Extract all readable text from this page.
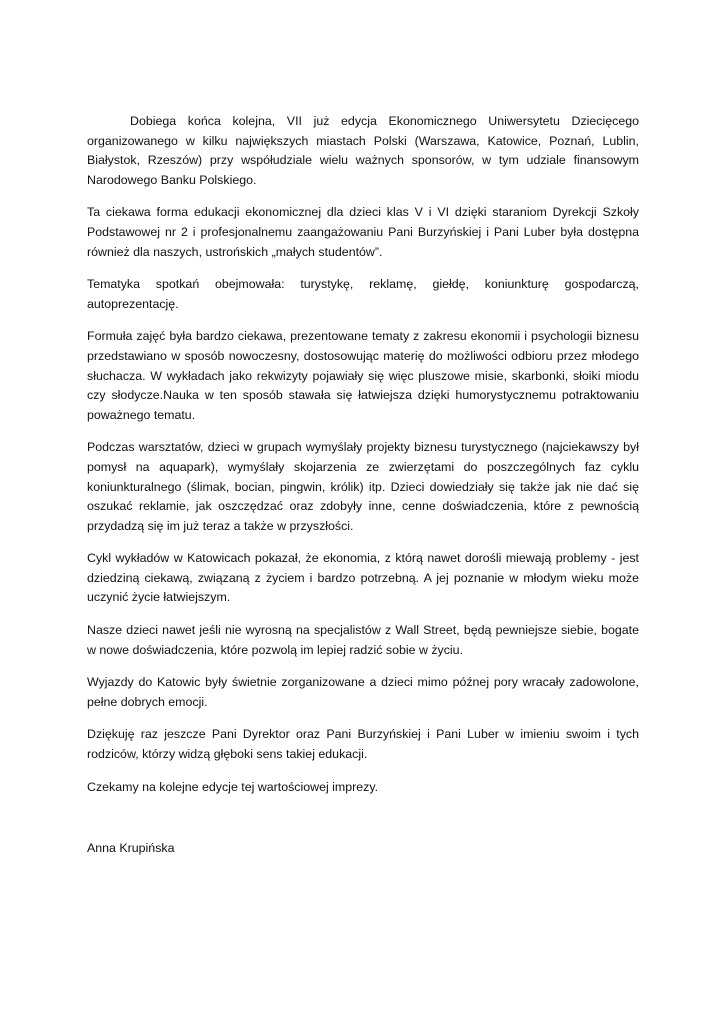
Dobiega końca kolejna, VII już edycja Ekonomicznego Uniwersytetu Dziecięcego organizowanego w kilku największych miastach Polski (Warszawa, Katowice, Poznań, Lublin, Białystok, Rzeszów) przy współudziale wielu ważnych sponsorów, w tym udziale finansowym Narodowego Banku Polskiego.

Ta ciekawa forma edukacji ekonomicznej dla dzieci klas V i VI dzięki staraniom Dyrekcji Szkoły Podstawowej nr 2 i profesjonalnemu zaangażowaniu Pani Burzyńskiej i Pani Luber była dostępna również dla naszych, ustrońskich „małych studentów”.

Tematyka spotkań obejmowała: turystykę, reklamę, giełdę, koniunkturę gospodarczą, autoprezentację.

Formuła zajęć była bardzo ciekawa, prezentowane tematy z zakresu ekonomii i psychologii biznesu przedstawiano w sposób nowoczesny, dostosowując materię do możliwości odbioru przez młodego słuchacza. W wykładach jako rekwizyty pojawiały się więc pluszowe misie, skarbonki, słoiki miodu czy słodycze.Nauka w ten sposób stawała się łatwiejsza dzięki humorystycznemu potraktowaniu poważnego tematu.

Podczas warsztatów, dzieci w grupach wymyślały projekty biznesu turystycznego (najciekawszy był pomysł na aquapark), wymyślały skojarzenia ze zwierzętami do poszczególnych faz cyklu koniunkturalnego (ślimak, bocian, pingwin, królik) itp. Dzieci dowiedziały się także jak nie dać się oszukać reklamie, jak oszczędzać oraz zdobyły inne, cenne doświadczenia, które z pewnością przydadzą się im już teraz a także w przyszłości.

Cykl wykładów w Katowicach pokazał, że ekonomia, z którą nawet dorośli miewają problemy - jest dziedziną ciekawą, związaną z życiem i bardzo potrzebną. A jej poznanie w młodym wieku może uczynić życie łatwiejszym.

Nasze dzieci nawet jeśli nie wyrosną na specjalistów z Wall Street, będą pewniejsze siebie, bogate w nowe doświadczenia, które pozwolą im lepiej radzić sobie w życiu.

Wyjazdy do Katowic były świetnie zorganizowane a dzieci mimo późnej pory wracały zadowolone, pełne dobrych emocji.

Dziękuję raz jeszcze Pani Dyrektor oraz Pani Burzyńskiej i Pani Luber w imieniu swoim i tych rodziców, którzy widzą głęboki sens takiej edukacji.

Czekamy na kolejne edycje tej wartościowej imprezy.

Anna Krupińska
